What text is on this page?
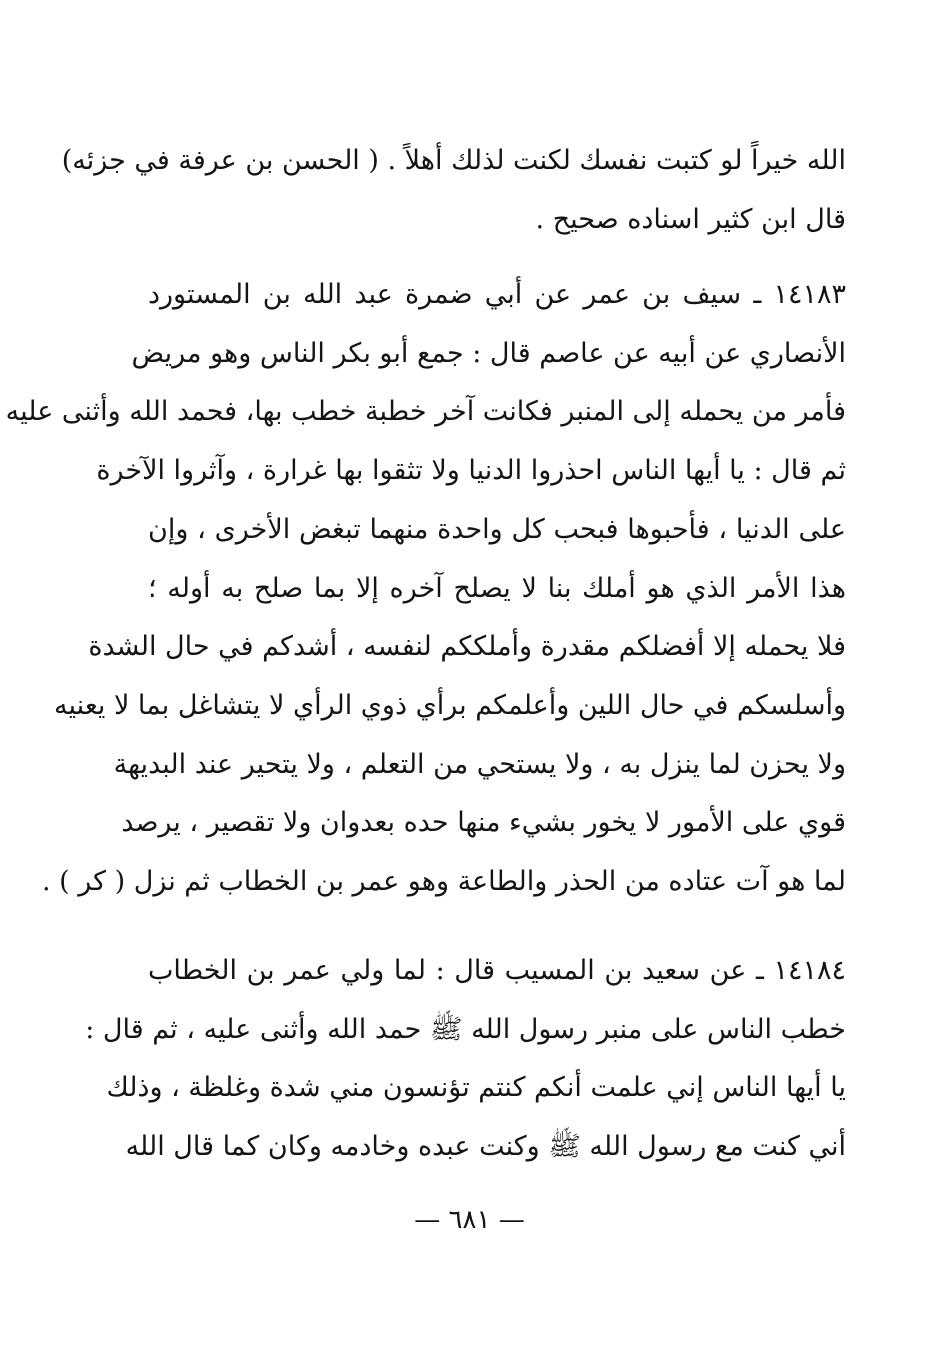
الله خيراً لو كتبت نفسك لكنت لذلك أهلاً . ( الحسن بن عرفة في جزئه)
قال ابن كثير اسناده صحيح .
١٤١٨٣ ـ سيف بن عمر عن أبي ضمرة عبد الله بن المستورد
الأنصاري عن أبيه عن عاصم قال : جمع أبو بكر الناس وهو مريض
فأمر من يحمله إلى المنبر فكانت آخر خطبة خطب بها، فحمد الله وأثنى عليه
ثم قال : يا أيها الناس احذروا الدنيا ولا تثقوا بها غرارة ، وآثروا الآخرة
على الدنيا ، فأحبوها فبحب كل واحدة منهما تبغض الأخرى ، وإن
هذا الأمر الذي هو أملك بنا لا يصلح آخره إلا بما صلح به أوله ؛
فلا يحمله إلا أفضلكم مقدرة وأملككم لنفسه ، أشدكم في حال الشدة
وأسلسكم في حال اللين وأعلمكم برأي ذوي الرأي لا يتشاغل بما لا يعنيه
ولا يحزن لما ينزل به ، ولا يستحي من التعلم ، ولا يتحير عند البديهة
قوي على الأمور لا يخور بشيء منها حده بعدوان ولا تقصير ، يرصد
لما هو آت عتاده من الحذر والطاعة وهو عمر بن الخطاب ثم نزل ( كر ) .
١٤١٨٤ ـ عن سعيد بن المسيب قال : لما ولي عمر بن الخطاب
خطب الناس على منبر رسول الله ﷺ حمد الله وأثنى عليه ، ثم قال :
يا أيها الناس إني علمت أنكم كنتم تؤنسون مني شدة وغلظة ، وذلك
أني كنت مع رسول الله ﷺ وكنت عبده وخادمه وكان كما قال الله
— ٦٨١ —
